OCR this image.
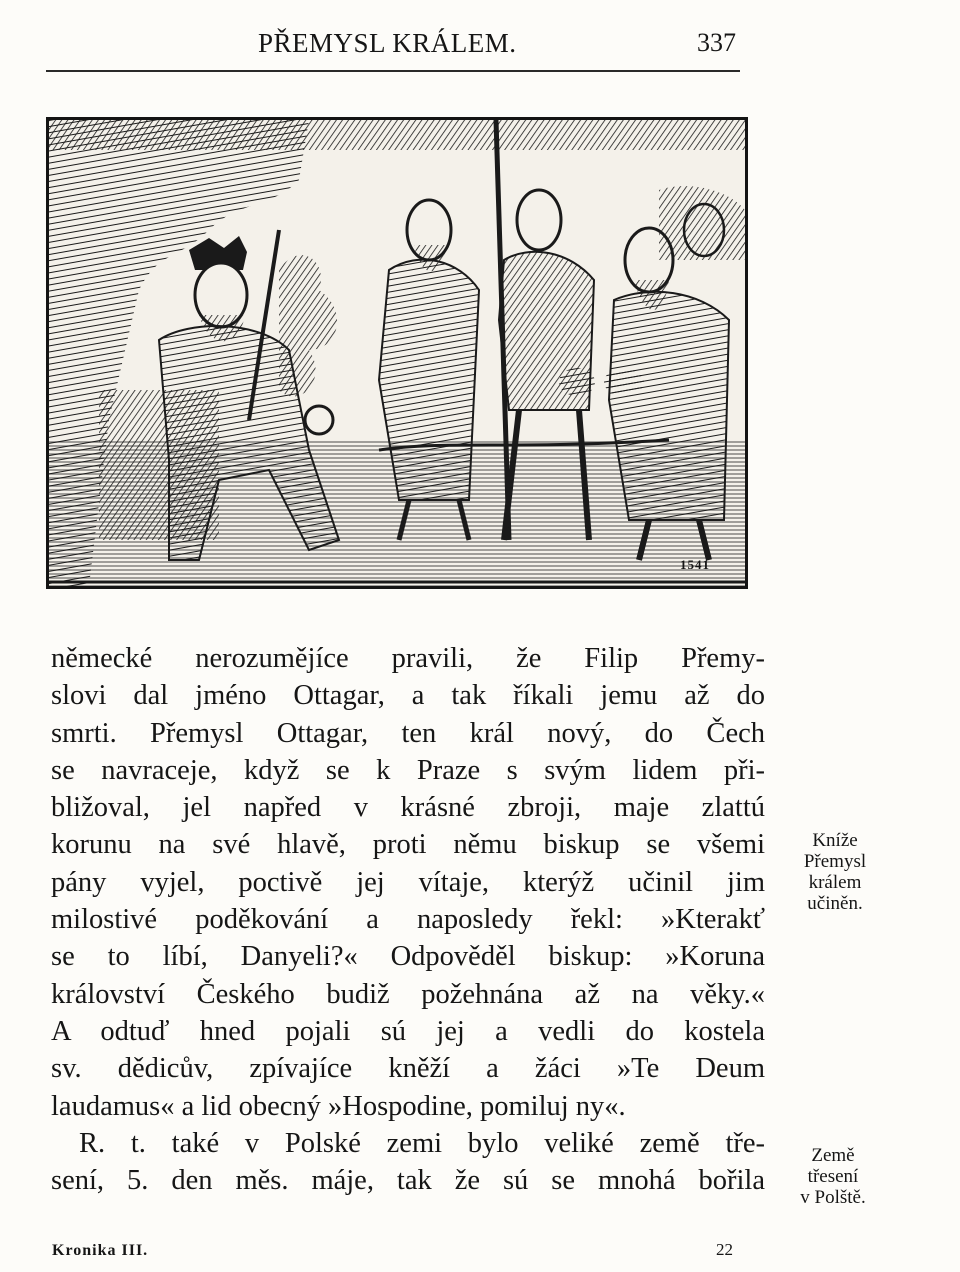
PŘEMYSL KRÁLEM.	337
1541
německé nerozumějíce pravili, že Filip Přemy-
slovi dal jméno Ottagar, a tak říkali jemu až do
smrti. Přemysl Ottagar, ten král nový, do Čech
se navraceje, když se k Praze s svým lidem při-
bližoval, jel napřed v krásné zbroji, maje zlattú
korunu na své hlavě, proti němu biskup se všemi
pány vyjel, poctivě jej vítaje, kterýž učinil jim
milostivé poděkování a naposledy řekl: »Kterakť
se to líbí, Danyeli?« Odpověděl biskup: »Koruna
království Českého budiž požehnána až na věky.«
A odtuď hned pojali sú jej a vedli do kostela
sv. dědicův, zpívajíce kněží a žáci »Te Deum
laudamus« a lid obecný »Hospodine, pomiluj ny«.
R. t. také v Polské zemi bylo veliké země tře-
sení, 5. den měs. máje, tak že sú se mnohá bořila
Kníže
Přemysl
králem
učiněn.
Země
třesení
v Polště.
Kronika III.	22
